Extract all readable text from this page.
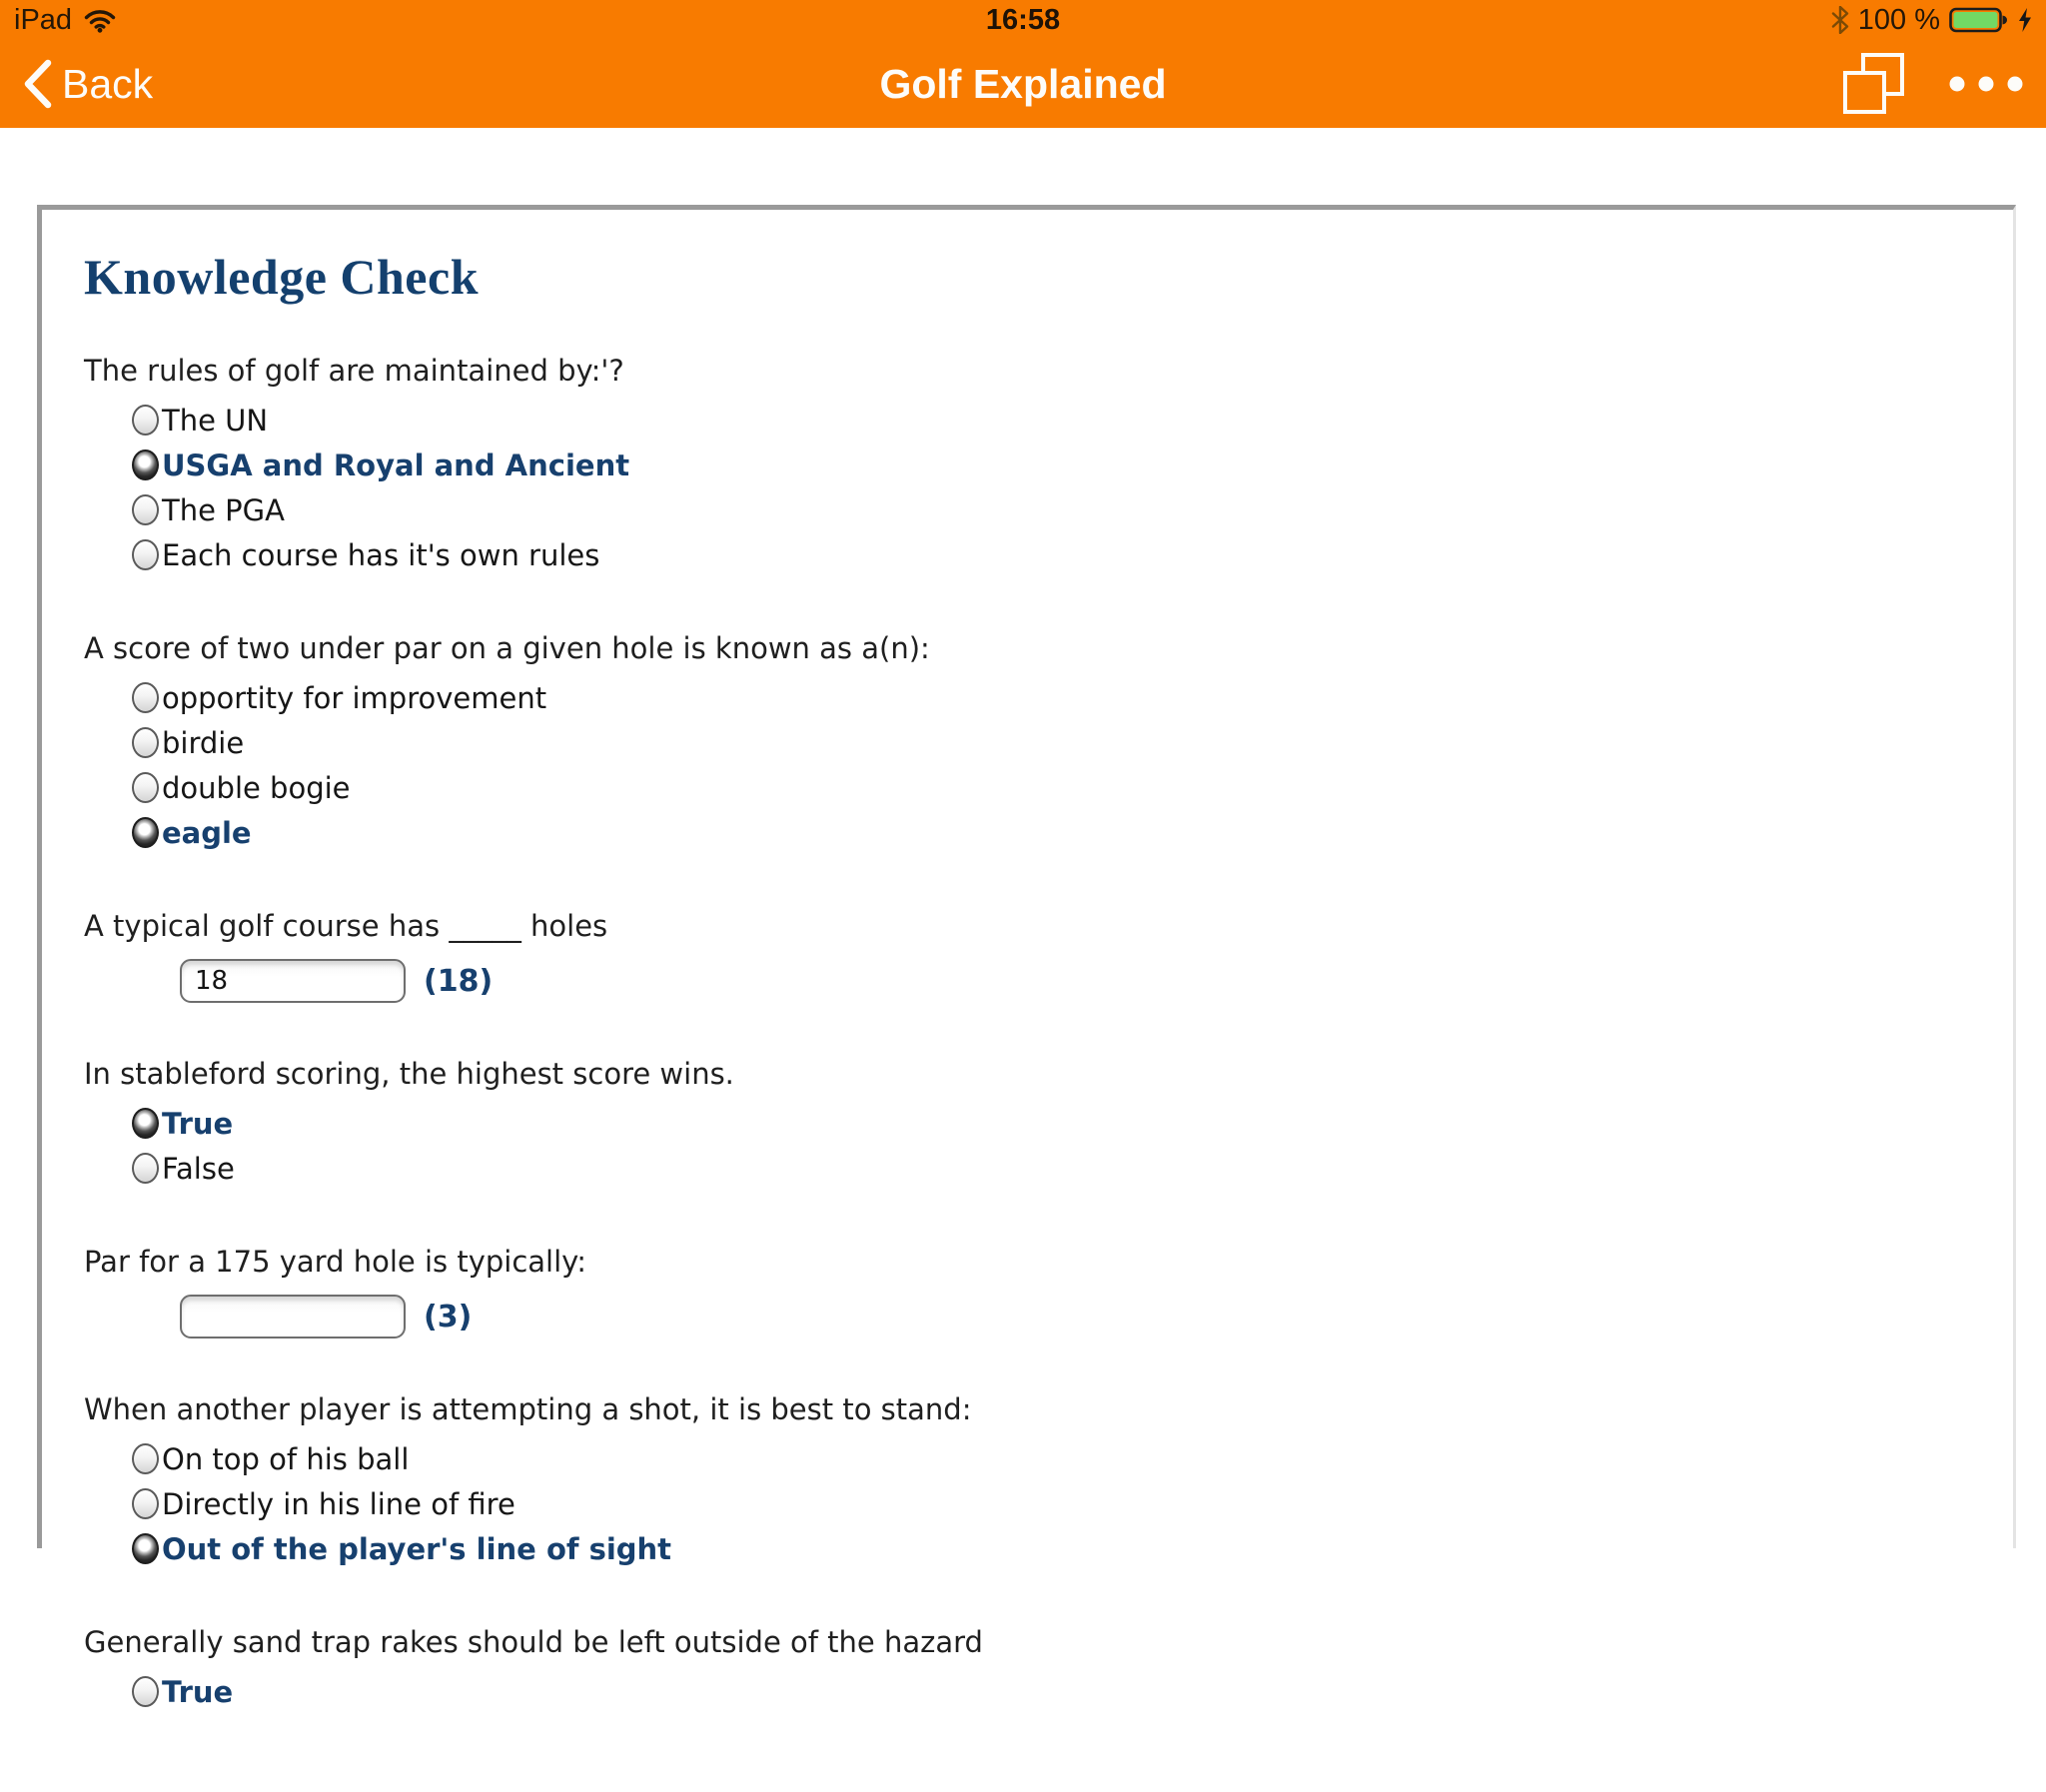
iPad	16:58	100 %
Back	Golf Explained
Knowledge Check
The rules of golf are maintained by:'?
The UN
USGA and Royal and Ancient
The PGA
Each course has it's own rules
A score of two under par on a given hole is known as a(n):
opportity for improvement
birdie
double bogie
eagle
A typical golf course has _____ holes
18
(18)
In stableford scoring, the highest score wins.
True
False
Par for a 175 yard hole is typically:
(3)
When another player is attempting a shot, it is best to stand:
On top of his ball
Directly in his line of fire
Out of the player's line of sight
Generally sand trap rakes should be left outside of the hazard
True
